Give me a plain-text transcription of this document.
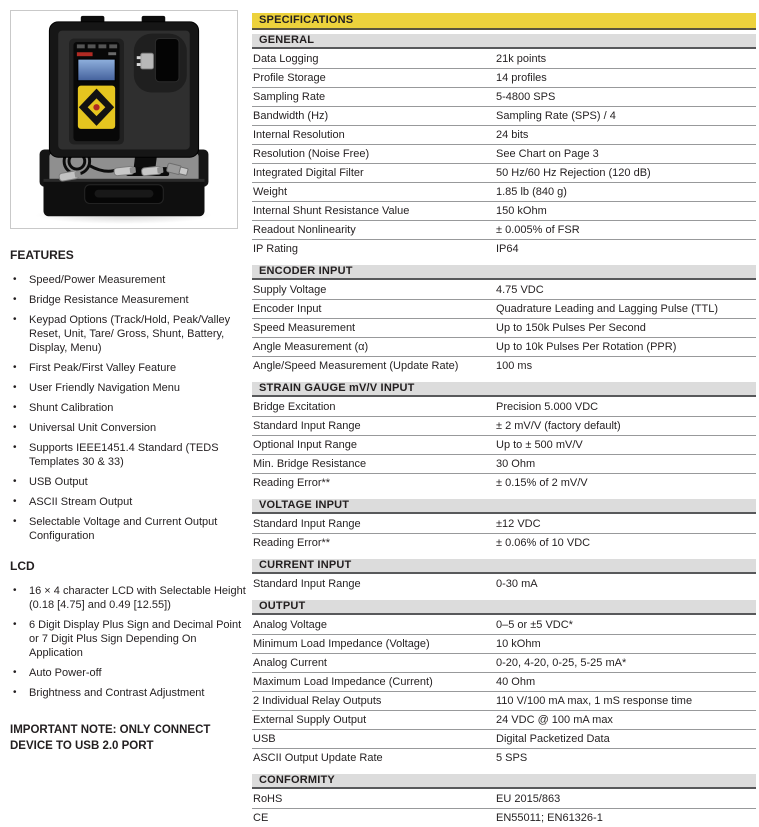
FEATURES
•	Speed/Power Measurement
•	Bridge Resistance Measurement
•	Keypad Options (Track/Hold, Peak/Valley Reset, Unit, Tare/ Gross, Shunt, Battery, Display, Menu)
•	First Peak/First Valley Feature
•	User Friendly Navigation Menu
•	Shunt Calibration
•	Universal Unit Conversion
•	Supports IEEE1451.4 Standard (TEDS Templates 30 & 33)
•	USB Output
•	ASCII Stream Output
•	Selectable Voltage and Current Output Configuration
LCD
•	16 × 4 character LCD with Selectable Height (0.18 [4.75] and 0.49 [12.55])
•	6 Digit Display Plus Sign and Decimal Point or 7 Digit Plus Sign Depending On Application
•	Auto Power-off
•	Brightness and Contrast Adjustment

IMPORTANT NOTE: ONLY CONNECT DEVICE TO USB 2.0 PORT

SPECIFICATIONS
GENERAL
Data Logging	21k points
Profile Storage	14 profiles
Sampling Rate	5-4800 SPS
Bandwidth (Hz)	Sampling Rate (SPS) / 4
Internal Resolution	24 bits
Resolution (Noise Free)	See Chart on Page 3
Integrated Digital Filter	50 Hz/60 Hz Rejection (120 dB)
Weight	1.85 lb (840 g)
Internal Shunt Resistance Value	150 kOhm
Readout Nonlinearity	± 0.005% of FSR
IP Rating	IP64
ENCODER INPUT
Supply Voltage	4.75 VDC
Encoder Input	Quadrature Leading and Lagging Pulse (TTL)
Speed Measurement	Up to 150k Pulses Per Second
Angle Measurement (α)	Up to 10k Pulses Per Rotation (PPR)
Angle/Speed Measurement (Update Rate)	100 ms
STRAIN GAUGE mV/V INPUT
Bridge Excitation	Precision 5.000 VDC
Standard Input Range	± 2 mV/V (factory default)
Optional Input Range	Up to ± 500 mV/V
Min. Bridge Resistance	30 Ohm
Reading Error**	± 0.15% of 2 mV/V
VOLTAGE INPUT
Standard Input Range	±12 VDC
Reading Error**	± 0.06% of 10 VDC
CURRENT INPUT
Standard Input Range	0-30 mA
OUTPUT
Analog Voltage	0–5 or ±5 VDC*
Minimum Load Impedance (Voltage)	10 kOhm
Analog Current	0-20, 4-20, 0-25, 5-25 mA*
Maximum Load Impedance (Current)	40 Ohm
2 Individual Relay Outputs	110 V/100 mA max, 1 mS response time
External Supply Output	24 VDC @ 100 mA max
USB	Digital Packetized Data
ASCII Output Update Rate	5 SPS
CONFORMITY
RoHS	EU 2015/863
CE	EN55011; EN61326-1
